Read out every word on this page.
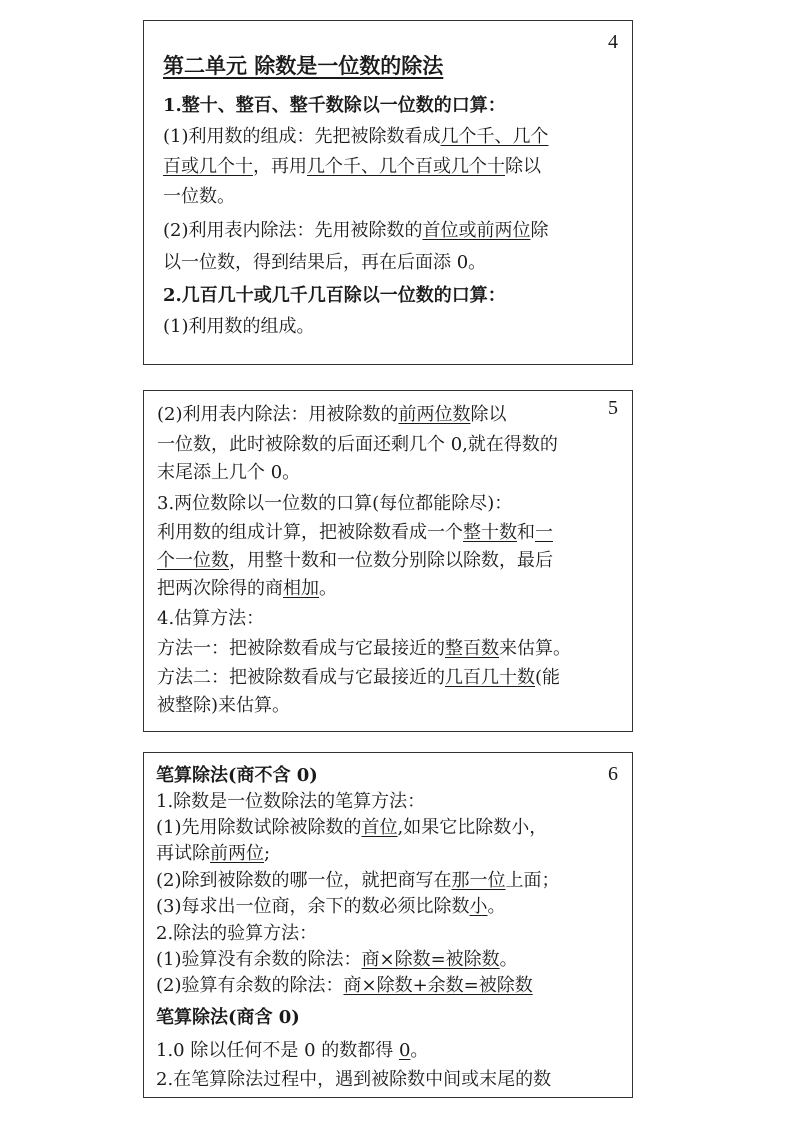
4
第二单元 除数是一位数的除法
1.整十、整百、整千数除以一位数的口算：
(1)利用数的组成：先把被除数看成几个千、几个
百或几个十，再用几个千、几个百或几个十除以
一位数。
(2)利用表内除法：先用被除数的首位或前两位除
以一位数，得到结果后，再在后面添 0。
2.几百几十或几千几百除以一位数的口算：
(1)利用数的组成。
5
(2)利用表内除法：用被除数的前两位数除以
一位数，此时被除数的后面还剩几个 0,就在得数的
末尾添上几个 0。
3.两位数除以一位数的口算(每位都能除尽)：
利用数的组成计算，把被除数看成一个整十数和一
个一位数，用整十数和一位数分别除以除数，最后
把两次除得的商相加。
4.估算方法：
方法一：把被除数看成与它最接近的整百数来估算。
方法二：把被除数看成与它最接近的几百几十数(能
被整除)来估算。
6
笔算除法(商不含 0)
1.除数是一位数除法的笔算方法：
(1)先用除数试除被除数的首位,如果它比除数小，
再试除前两位;
(2)除到被除数的哪一位，就把商写在那一位上面；
(3)每求出一位商，余下的数必须比除数小。
2.除法的验算方法：
(1)验算没有余数的除法：商×除数=被除数。
(2)验算有余数的除法：商×除数+余数=被除数
笔算除法(商含 0)
1.0 除以任何不是 0 的数都得 0。
2.在笔算除法过程中，遇到被除数中间或末尾的数
